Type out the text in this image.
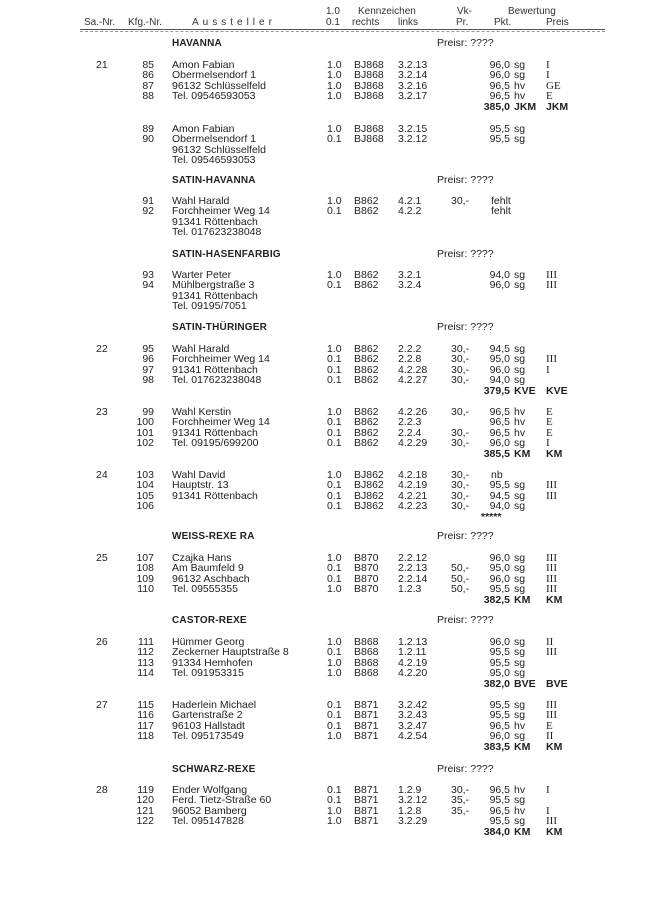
1.0
0.1
Kennzeichen
rechts links
Vk-
Pr.
Bewertung
Pkt.	Preis
Sa.-Nr. Kfg.-Nr.	Aussteller
HAVANNA	Preisr: ????
21	85 Amon Fabian	1.0 BJ868 3.2.13	96,0 sg I
86 Obermelsendorf 1	1.0 BJ868 3.2.14	96,0 sg I
87 96132 Schlüsselfeld	1.0 BJ868 3.2.16	96,5 hv GE
88 Tel. 09546593053	1.0 BJ868 3.2.17	96,5 hv E
385,0 JKM JKM
89 Amon Fabian	1.0 BJ868 3.2.15	95,5 sg
90 Obermelsendorf 1	0.1 BJ868 3.2.12	95,5 sg
96132 Schlüsselfeld
Tel. 09546593053
SATIN-HAVANNA	Preisr: ????
91 Wahl Harald	1.0 B862 4.2.1	30,- fehlt
92 Forchheimer Weg 14	0.1 B862 4.2.2	fehlt
91341 Röttenbach
Tel. 017623238048
SATIN-HASENFARBIG	Preisr: ????
93 Warter Peter	1.0 B862 3.2.1	94,0 sg III
94 Mühlbergstraße 3	0.1 B862 3.2.4	96,0 sg III
91341 Röttenbach
Tel. 09195/7051
SATIN-THÜRINGER	Preisr: ????
22	95 Wahl Harald	1.0 B862 2.2.2	30,-	94,5 sg
96 Forchheimer Weg 14	0.1 B862 2.2.8	30,-	95,0 sg III
97 91341 Röttenbach	0.1 B862 4.2.28 30,-	96,0 sg I
98 Tel. 017623238048	0.1 B862 4.2.27 30,-	94,0 sg
379,5 KVE KVE
23	99 Wahl Kerstin	1.0 B862 4.2.26 30,-	96,5 hv E
100 Forchheimer Weg 14	0.1 B862 2.2.3	96,5 hv E
101 91341 Röttenbach	0.1 B862 2.2.4	30,-	96,5 hv E
102 Tel. 09195/699200	0.1 B862 4.2.29 30,-	96,0 sg I
385,5 KM KM
24	103 Wahl David	1.0 BJ862 4.2.18 30,- nb
104 Hauptstr. 13	0.1 BJ862 4.2.19 30,-	95,5 sg III
105 91341 Röttenbach	0.1 BJ862 4.2.21 30,-	94,5 sg III
106	0.1 BJ862 4.2.23 30,-	94,0 sg
*****
WEISS-REXE RA	Preisr: ????
25	107 Czajka Hans	1.0 B870 2.2.12	96,0 sg III
108 Am Baumfeld 9	0.1 B870 2.2.13 50,-	95,0 sg III
109 96132 Aschbach	0.1 B870 2.2.14 50,-	96,0 sg III
110 Tel. 09555355	1.0 B870 1.2.3	50,-	95,5 sg III
382,5 KM KM
CASTOR-REXE	Preisr: ????
26	111 Hümmer Georg	1.0 B868 1.2.13	96,0 sg II
112 Zeckerner Hauptstraße 8	0.1 B868 1.2.11	95,5 sg III
113 91334 Hemhofen	1.0 B868 4.2.19	95,5 sg
114 Tel. 091953315	1.0 B868 4.2.20	95,0 sg
382,0 BVE BVE
27	115 Haderlein Michael	0.1 B871 3.2.42	95,5 sg III
116 Gartenstraße 2	0.1 B871 3.2.43	95,5 sg III
117 96103 Hallstadt	0.1 B871 3.2.47	96,5 hv E
118 Tel. 095173549	1.0 B871 4.2.54	96,0 sg II
383,5 KM KM
SCHWARZ-REXE	Preisr: ????
28	119 Ender Wolfgang	0.1 B871 1.2.9	30,-	96,5 hv I
120 Ferd. Tietz-Straße 60	0.1 B871 3.2.12 35,-	95,5 sg
121 96052 Bamberg	1.0 B871 1.2.8	35,-	96,5 hv I
122 Tel. 095147828	1.0 B871 3.2.29	95,5 sg III
384,0 KM KM
